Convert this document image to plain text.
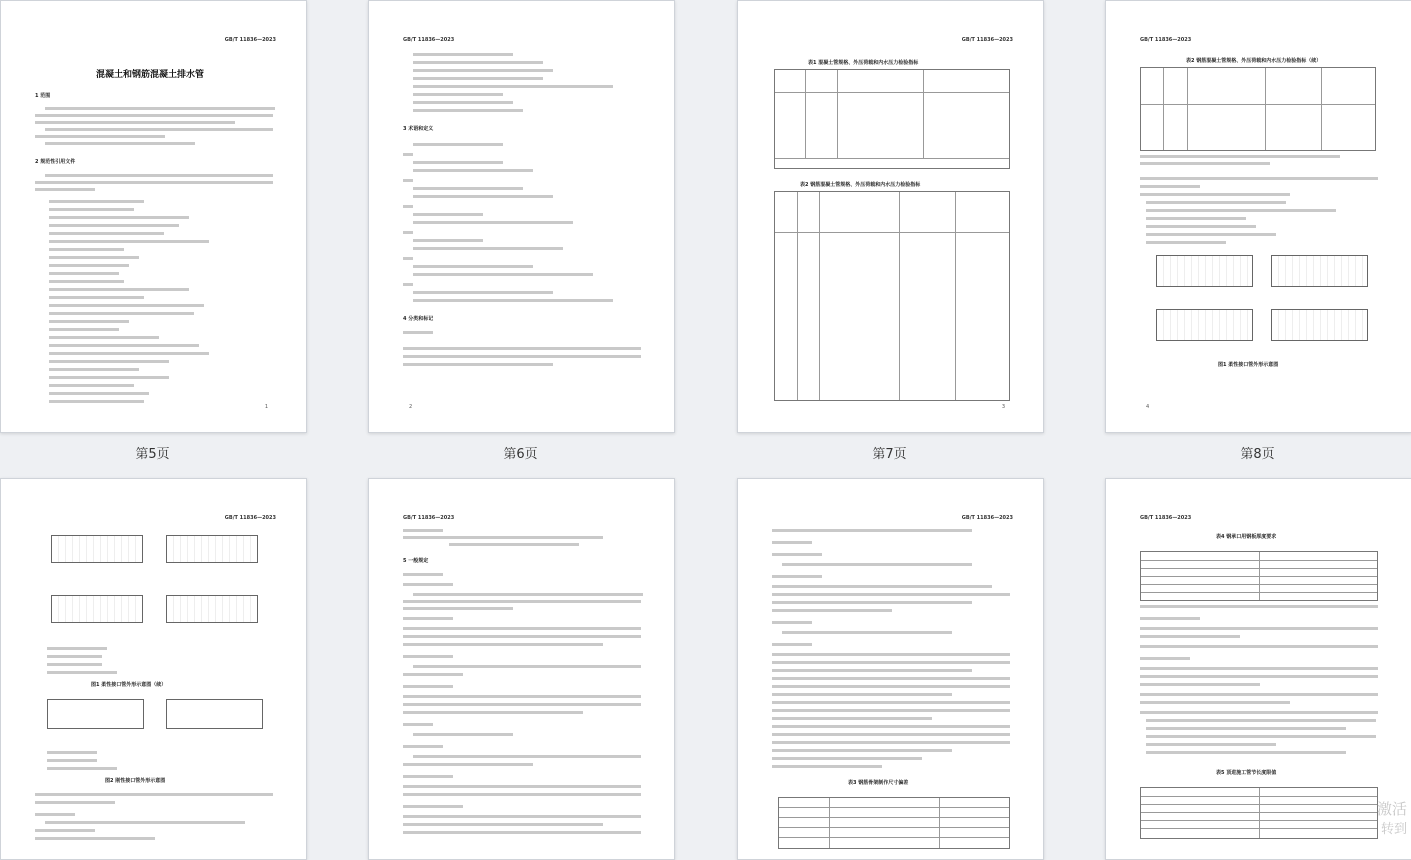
GB/T 11836—2023
混凝土和钢筋混凝土排水管
1 范围
2 规范性引用文件
1
GB/T 11836—2023
3 术语和定义
4 分类和标记
2
GB/T 11836—2023
表1 混凝土管规格、外压荷载和内水压力检验指标
表2 钢筋混凝土管规格、外压荷载和内水压力检验指标
3
GB/T 11836—2023
表2 钢筋混凝土管规格、外压荷载和内水压力检验指标（续）
图1 柔性接口管外形示意图
4
第5页	第6页	第7页	第8页
GB/T 11836—2023
图1 柔性接口管外形示意图（续）
图2 刚性接口管外形示意图
GB/T 11836—2023
5 一般规定
GB/T 11836—2023
表3 钢筋骨架制作尺寸偏差
GB/T 11836—2023
表4 钢承口用钢板厚度要求
表5 顶进施工管节长度限值
激活
转到
